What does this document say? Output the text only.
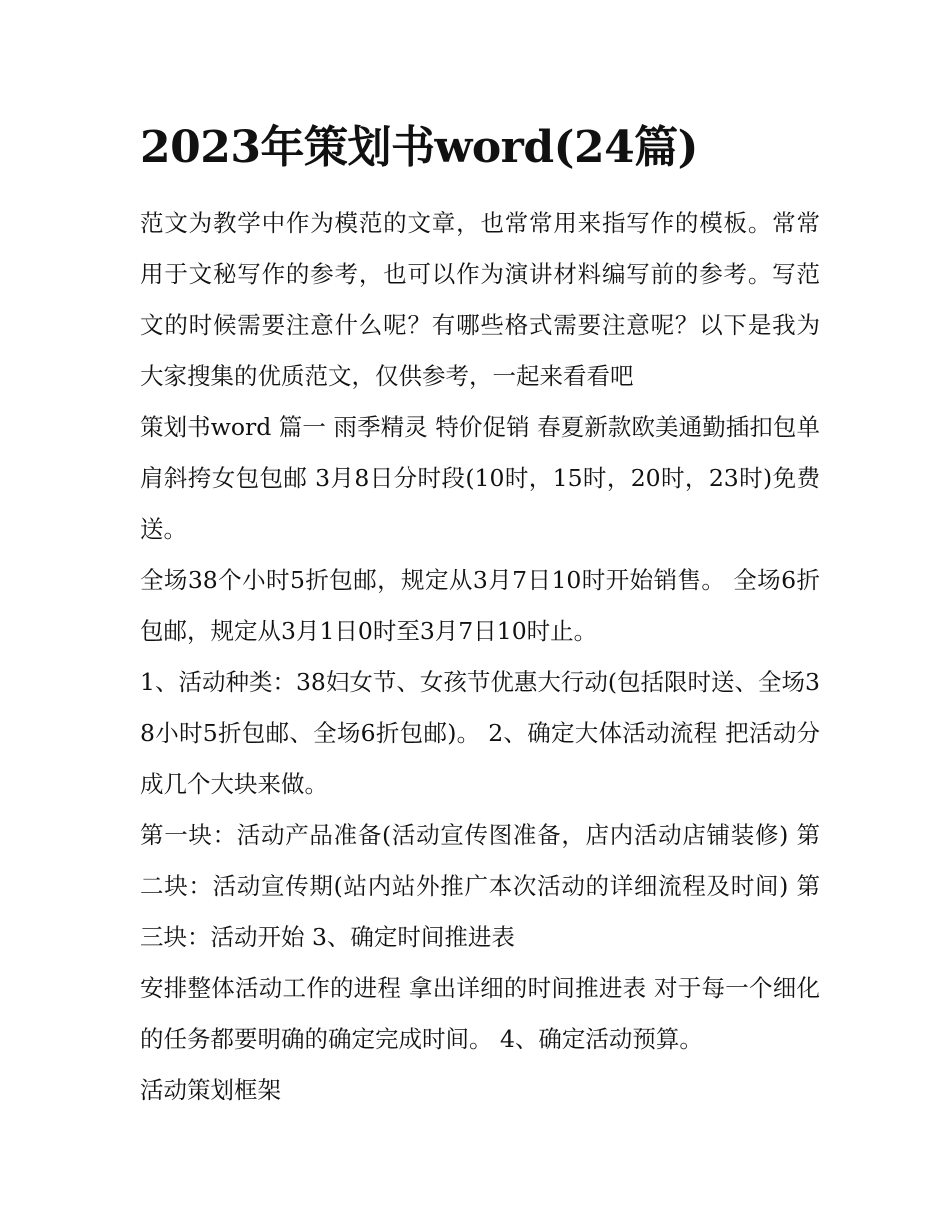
2023年策划书word(24篇)

范文为教学中作为模范的文章，也常常用来指写作的模板。常常用于文秘写作的参考，也可以作为演讲材料编写前的参考。写范文的时候需要注意什么呢？有哪些格式需要注意呢？以下是我为大家搜集的优质范文，仅供参考，一起来看看吧

策划书word 篇一 雨季精灵 特价促销 春夏新款欧美通勤插扣包单肩斜挎女包包邮 3月8日分时段(10时，15时，20时，23时)免费送。

全场38个小时5折包邮，规定从3月7日10时开始销售。 全场6折包邮，规定从3月1日0时至3月7日10时止。

1、活动种类：38妇女节、女孩节优惠大行动(包括限时送、全场38小时5折包邮、全场6折包邮)。 2、确定大体活动流程 把活动分成几个大块来做。

第一块：活动产品准备(活动宣传图准备，店内活动店铺装修) 第二块：活动宣传期(站内站外推广本次活动的详细流程及时间) 第三块：活动开始 3、确定时间推进表

安排整体活动工作的进程 拿出详细的时间推进表 对于每一个细化的任务都要明确的确定完成时间。 4、确定活动预算。

活动策划框架
